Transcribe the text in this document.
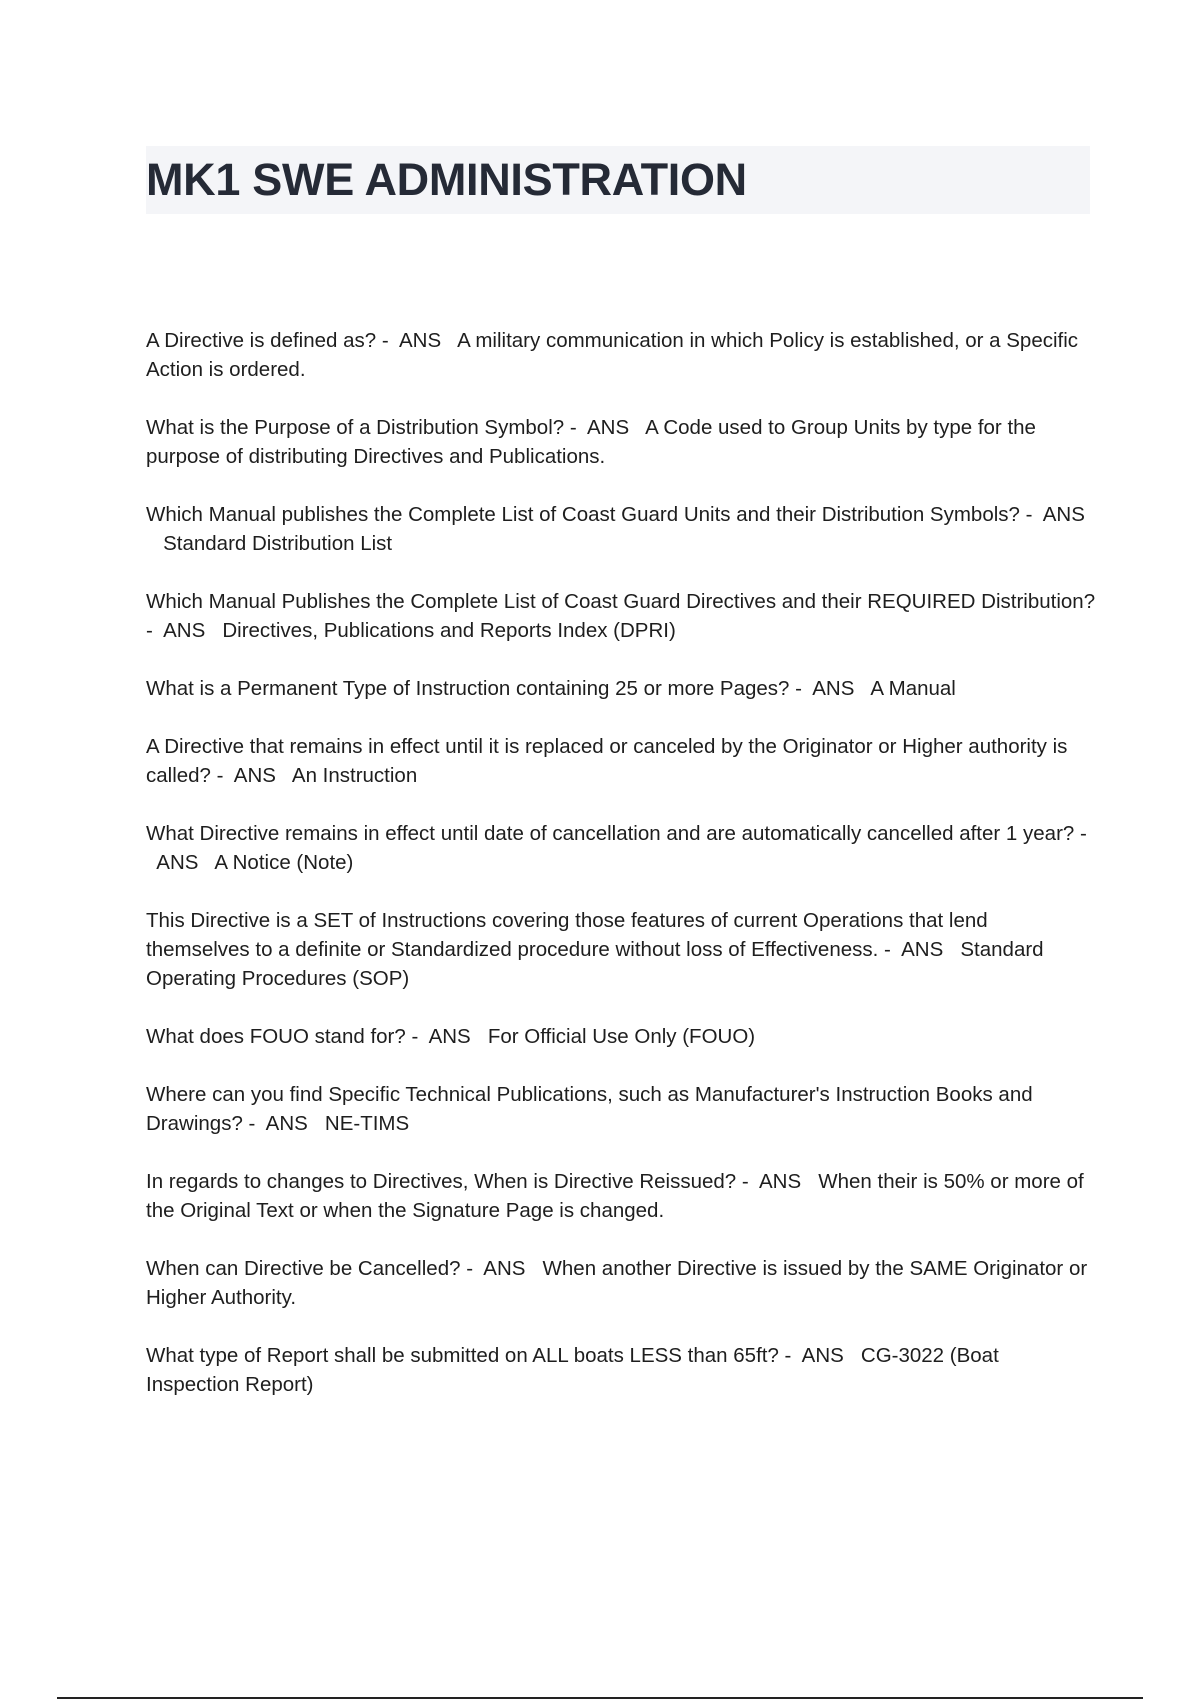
MK1 SWE ADMINISTRATION

A Directive is defined as? - ANS A military communication in which Policy is established, or a Specific Action is ordered.

What is the Purpose of a Distribution Symbol? - ANS A Code used to Group Units by type for the purpose of distributing Directives and Publications.

Which Manual publishes the Complete List of Coast Guard Units and their Distribution Symbols? - ANS   Standard Distribution List

Which Manual Publishes the Complete List of Coast Guard Directives and their REQUIRED Distribution? - ANS Directives, Publications and Reports Index (DPRI)

What is a Permanent Type of Instruction containing 25 or more Pages? - ANS A Manual

A Directive that remains in effect until it is replaced or canceled by the Originator or Higher authority is called? - ANS An Instruction

What Directive remains in effect until date of cancellation and are automatically cancelled after 1 year? -  ANS A Notice (Note)

This Directive is a SET of Instructions covering those features of current Operations that lend themselves to a definite or Standardized procedure without loss of Effectiveness. - ANS Standard Operating Procedures (SOP)

What does FOUO stand for? - ANS For Official Use Only (FOUO)

Where can you find Specific Technical Publications, such as Manufacturer's Instruction Books and Drawings? - ANS NE-TIMS

In regards to changes to Directives, When is Directive Reissued? - ANS When their is 50% or more of the Original Text or when the Signature Page is changed.

When can Directive be Cancelled? - ANS When another Directive is issued by the SAME Originator or Higher Authority.

What type of Report shall be submitted on ALL boats LESS than 65ft? - ANS CG-3022 (Boat Inspection Report)
